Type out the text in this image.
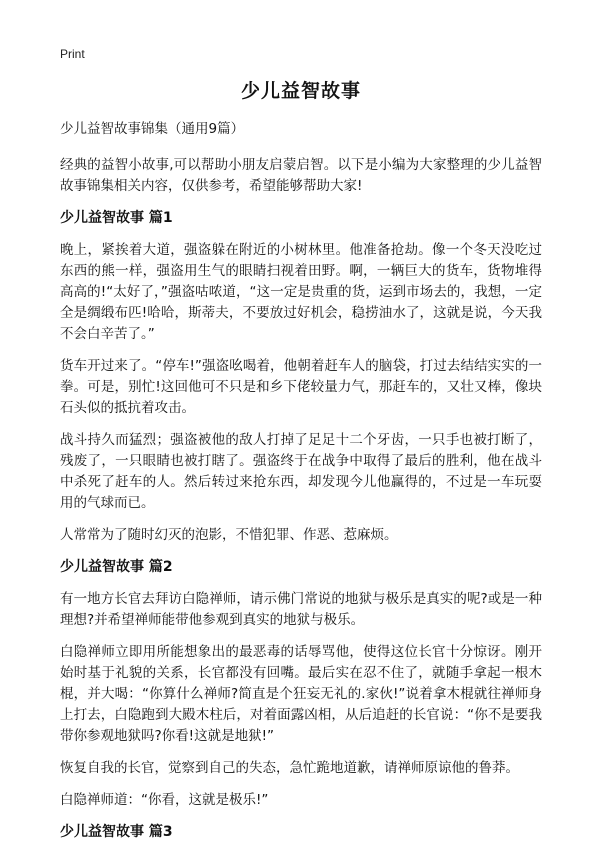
Print
少儿益智故事
少儿益智故事锦集（通用9篇）

经典的益智小故事,可以帮助小朋友启蒙启智。以下是小编为大家整理的少儿益智故事锦集相关内容，仅供参考，希望能够帮助大家!

少儿益智故事 篇1

晚上，紧挨着大道，强盗躲在附近的小树林里。他准备抢劫。像一个冬天没吃过东西的熊一样，强盗用生气的眼睛扫视着田野。啊，一辆巨大的货车，货物堆得高高的!“太好了，”强盗咕哝道，“这一定是贵重的货，运到市场去的，我想，一定全是绸缎布匹!哈哈，斯蒂夫，不要放过好机会，稳捞油水了，这就是说，今天我不会白辛苦了。”

货车开过来了。“停车!”强盗吆喝着，他朝着赶车人的脑袋，打过去结结实实的一拳。可是，别忙!这回他可不只是和乡下佬较量力气，那赶车的，又壮又棒，像块石头似的抵抗着攻击。

战斗持久而猛烈；强盗被他的敌人打掉了足足十二个牙齿，一只手也被打断了，残废了，一只眼睛也被打瞎了。强盗终于在战争中取得了最后的胜利，他在战斗中杀死了赶车的人。然后转过来抢东西，却发现今儿他赢得的，不过是一车玩耍用的气球而已。

人常常为了随时幻灭的泡影，不惜犯罪、作恶、惹麻烦。

少儿益智故事 篇2

有一地方长官去拜访白隐禅师，请示佛门常说的地狱与极乐是真实的呢?或是一种理想?并希望禅师能带他参观到真实的地狱与极乐。

白隐禅师立即用所能想象出的最恶毒的话辱骂他，使得这位长官十分惊讶。刚开始时基于礼貌的关系，长官都没有回嘴。最后实在忍不住了，就随手拿起一根木棍，并大喝：“你算什么禅师?简直是个狂妄无礼的.家伙!”说着拿木棍就往禅师身上打去，白隐跑到大殿木柱后，对着面露凶相，从后追赶的长官说：“你不是要我带你参观地狱吗?你看!这就是地狱!”

恢复自我的长官，觉察到自己的失态，急忙跪地道歉，请禅师原谅他的鲁莽。

白隐禅师道：“你看，这就是极乐!”

少儿益智故事 篇3
